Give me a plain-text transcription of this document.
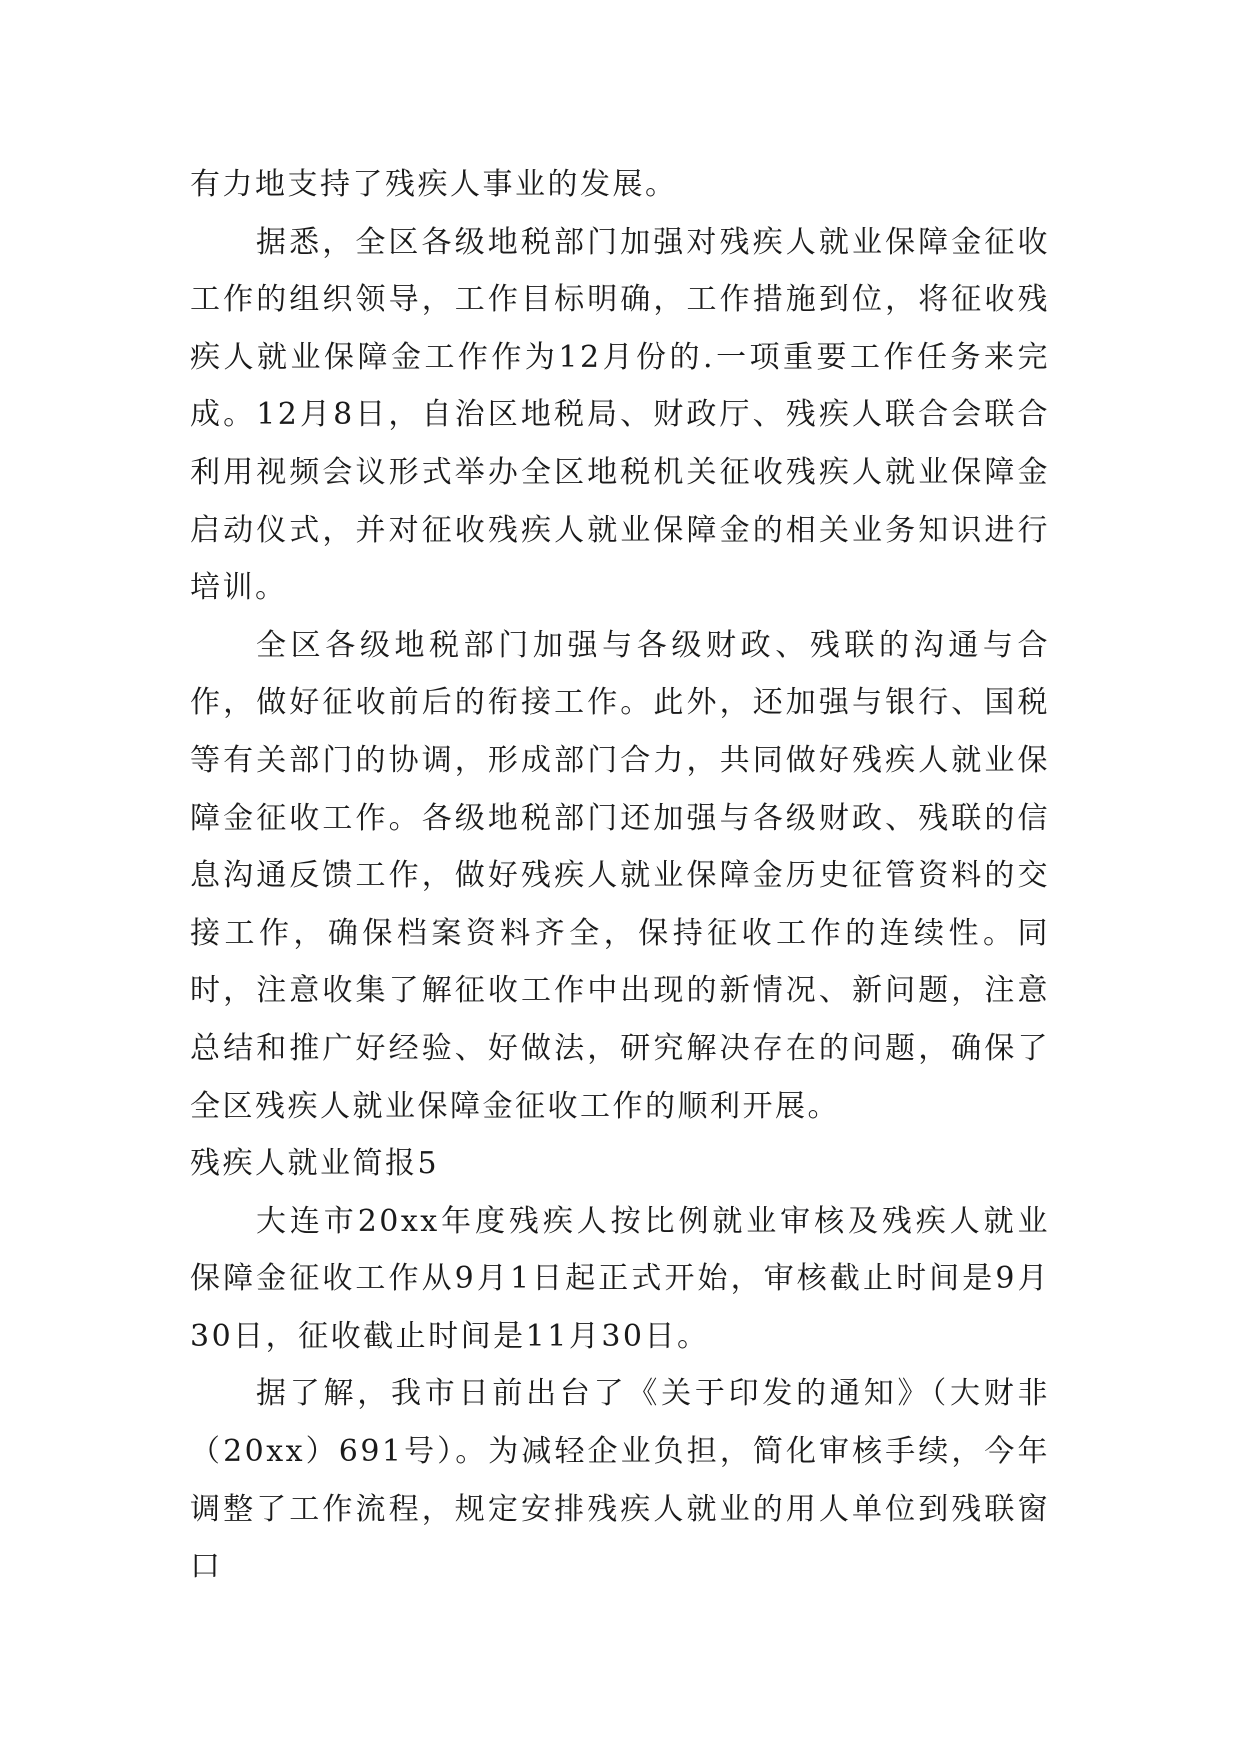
有力地支持了残疾人事业的发展。

据悉，全区各级地税部门加强对残疾人就业保障金征收工作的组织领导，工作目标明确，工作措施到位，将征收残疾人就业保障金工作作为12月份的.一项重要工作任务来完成。12月8日，自治区地税局、财政厅、残疾人联合会联合利用视频会议形式举办全区地税机关征收残疾人就业保障金启动仪式，并对征收残疾人就业保障金的相关业务知识进行培训。

全区各级地税部门加强与各级财政、残联的沟通与合作，做好征收前后的衔接工作。此外，还加强与银行、国税等有关部门的协调，形成部门合力，共同做好残疾人就业保障金征收工作。各级地税部门还加强与各级财政、残联的信息沟通反馈工作，做好残疾人就业保障金历史征管资料的交接工作，确保档案资料齐全，保持征收工作的连续性。同时，注意收集了解征收工作中出现的新情况、新问题，注意总结和推广好经验、好做法，研究解决存在的问题，确保了全区残疾人就业保障金征收工作的顺利开展。

残疾人就业简报5

大连市20xx年度残疾人按比例就业审核及残疾人就业保障金征收工作从9月1日起正式开始，审核截止时间是9月30日，征收截止时间是11月30日。

据了解，我市日前出台了《关于印发的通知》（大财非（20xx）691号）。为减轻企业负担，简化审核手续，今年调整了工作流程，规定安排残疾人就业的用人单位到残联窗口
